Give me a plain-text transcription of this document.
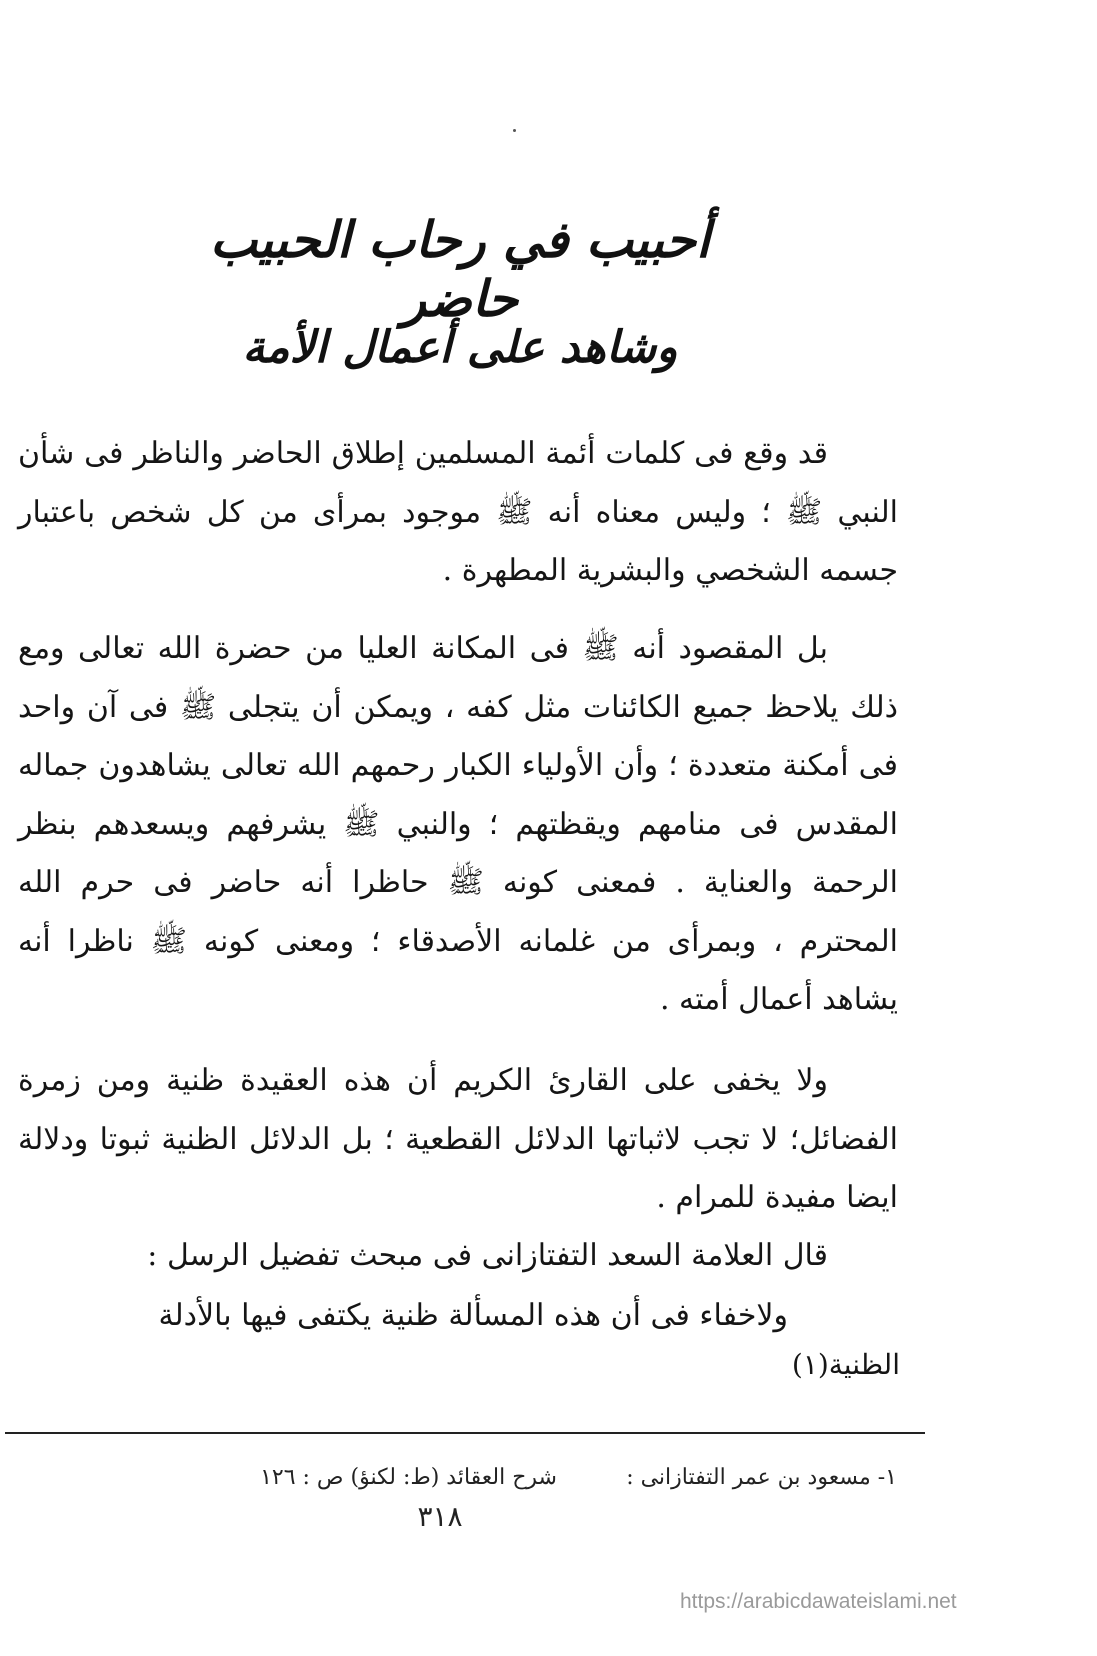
أحبيب في رحاب الحبيب حاضر
وشاهد على أعمال الأمة
قد وقع فى كلمات أئمة المسلمين إطلاق الحاضر والناظر فى شأن النبي ﷺ ؛ وليس معناه أنه ﷺ موجود بمرأى من كل شخص باعتبار جسمه الشخصي والبشرية المطهرة .
بل المقصود أنه ﷺ فى المكانة العليا من حضرة الله تعالى ومع ذلك يلاحظ جميع الكائنات مثل كفه ، ويمكن أن يتجلى ﷺ فى آن واحد فى أمكنة متعددة ؛ وأن الأولياء الكبار رحمهم الله تعالى يشاهدون جماله المقدس فى منامهم ويقظتهم ؛ والنبي ﷺ يشرفهم ويسعدهم بنظر الرحمة والعناية . فمعنى كونه ﷺ حاظرا أنه حاضر فى حرم الله المحترم ، وبمرأى من غلمانه الأصدقاء ؛ ومعنى كونه ﷺ ناظرا أنه يشاهد أعمال أمته .
ولا يخفى على القارئ الكريم أن هذه العقيدة ظنية ومن زمرة الفضائل؛ لا تجب لاثباتها الدلائل القطعية ؛ بل الدلائل الظنية ثبوتا ودلالة ايضا مفيدة للمرام .
قال العلامة السعد التفتازانى فى مبحث تفضيل الرسل :
ولاخفاء فى أن هذه المسألة ظنية يكتفى فيها بالأدلة
الظنية(١)
١- مسعود بن عمر التفتازانى :
شرح العقائد (ط: لكنؤ) ص : ١٢٦
٣١٨
https://arabicdawateislami.net
